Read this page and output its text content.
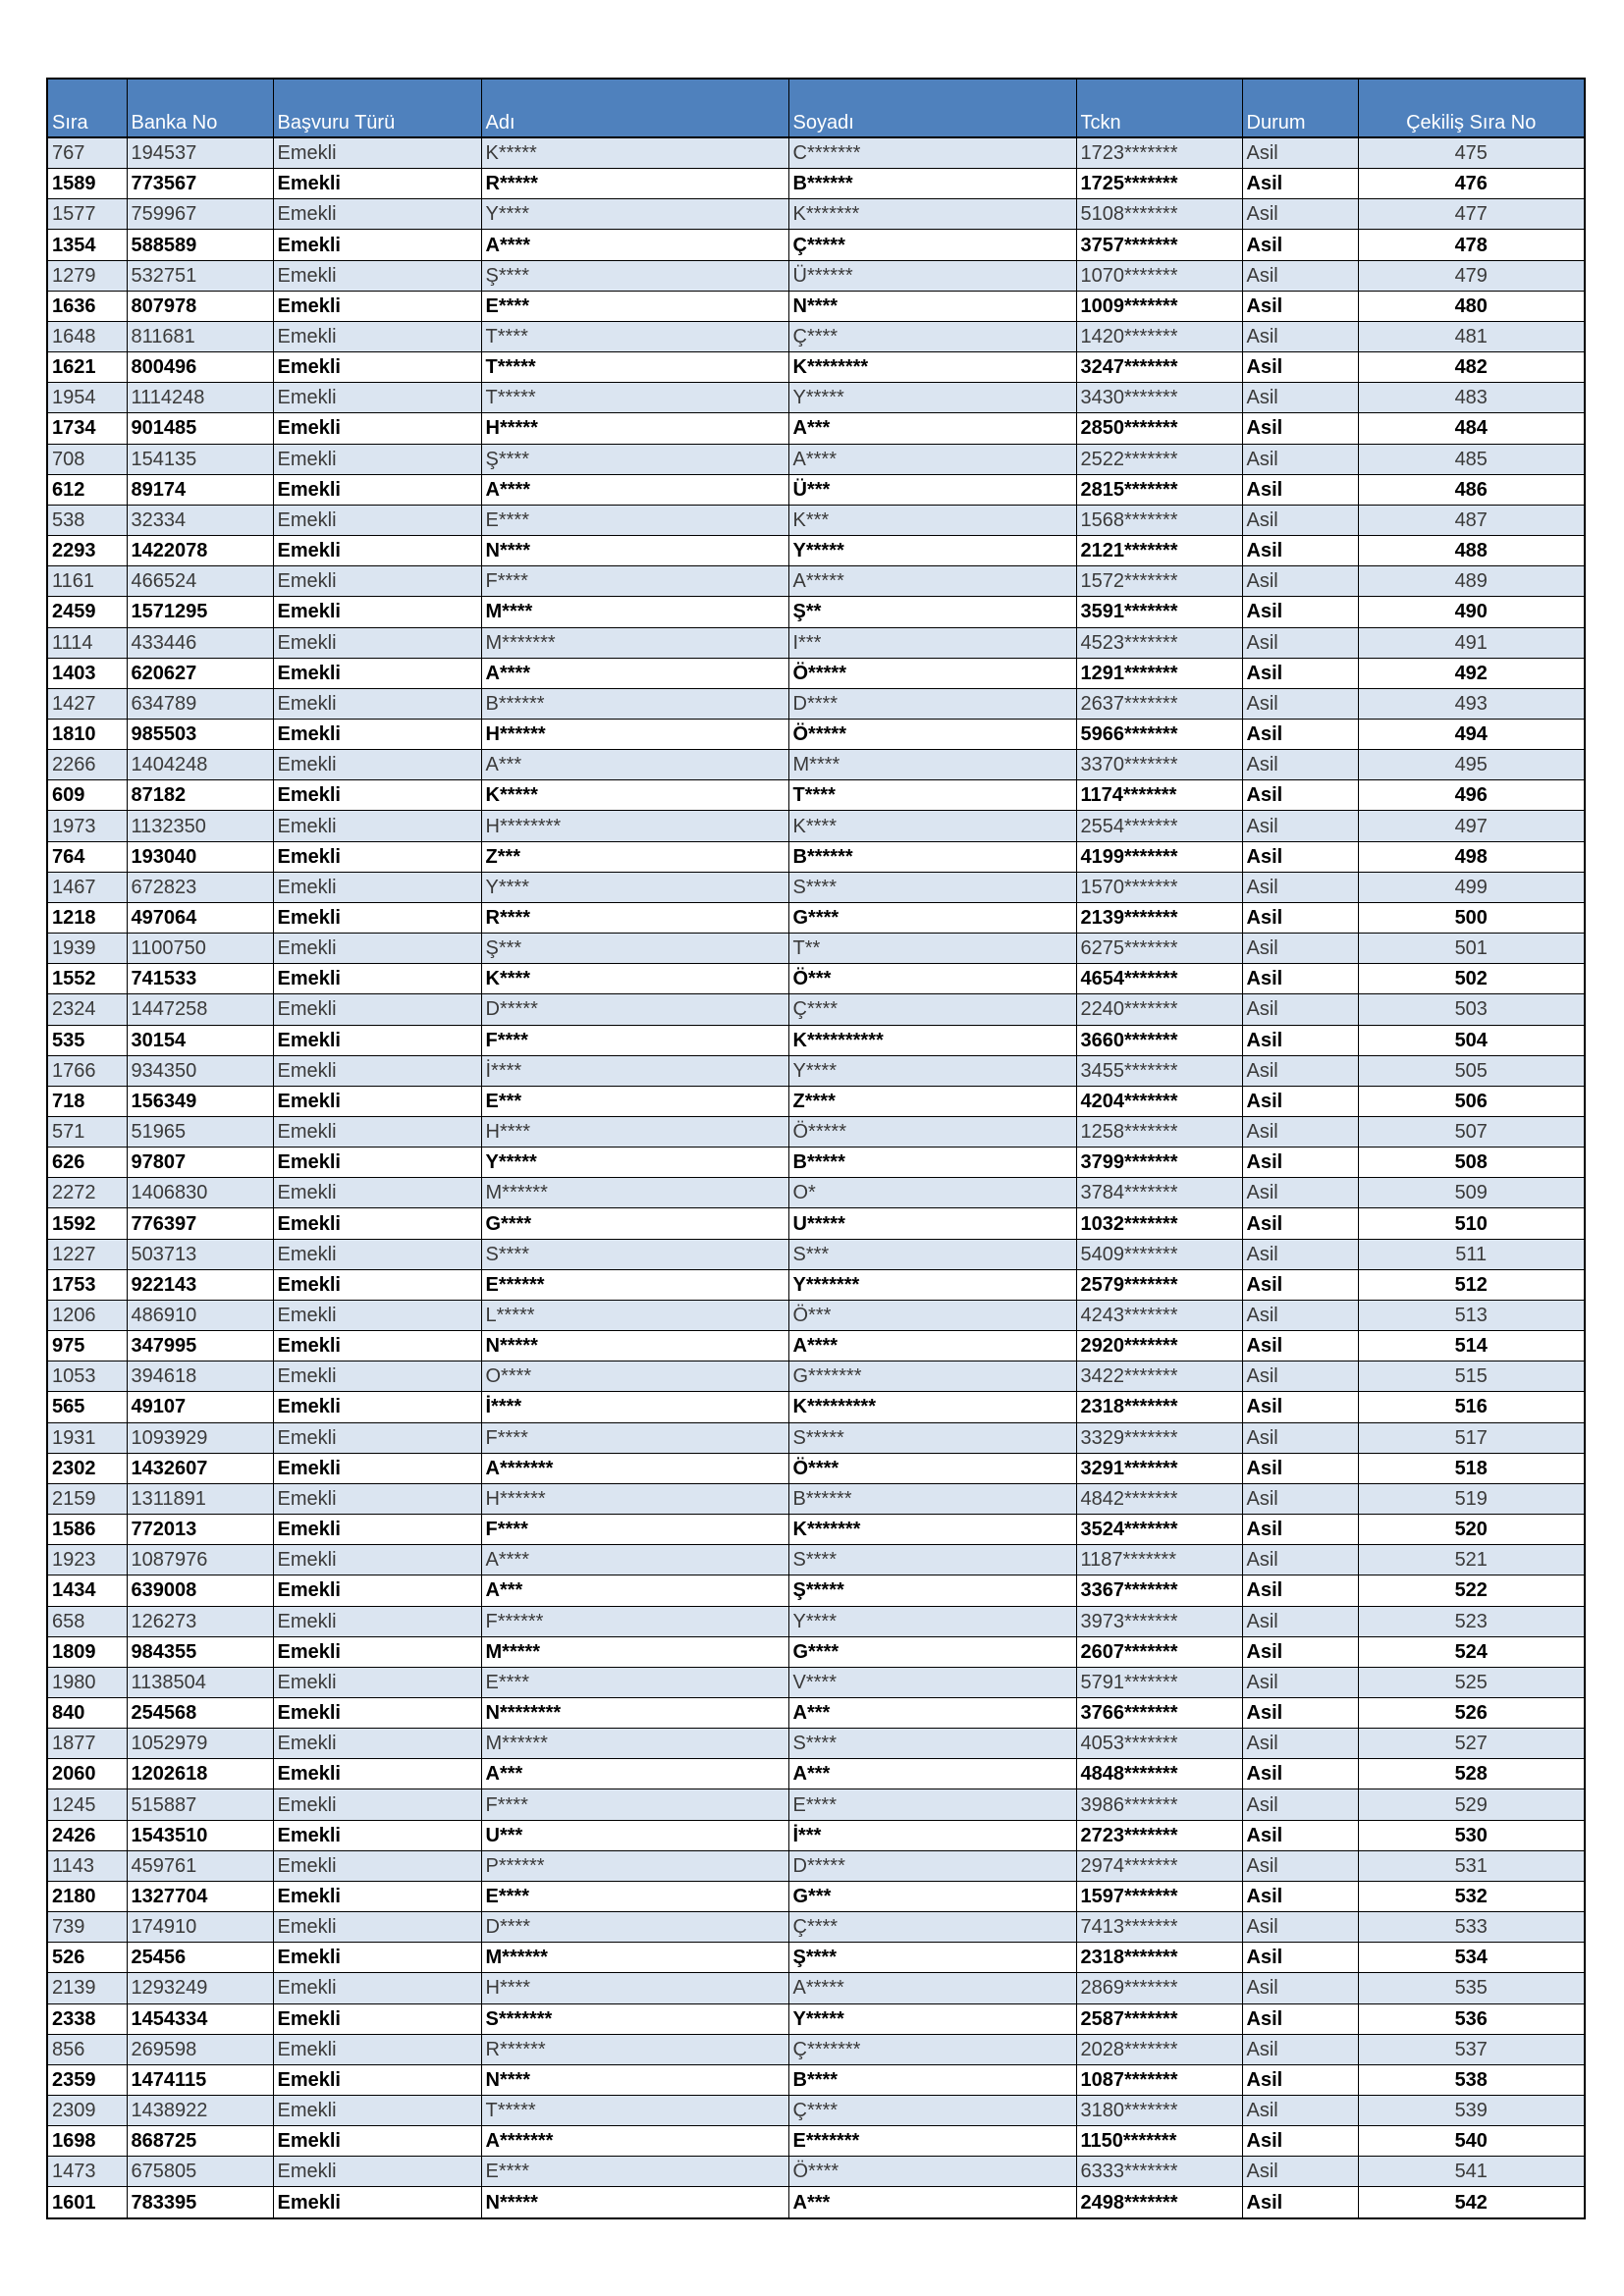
Sıra	Banka No	Başvuru Türü	Adı	Soyadı	Tckn	Durum	Çekiliş Sıra No
767	194537	Emekli	K*****	C*******	1723*******	Asil	475
1589	773567	Emekli	R*****	B******	1725*******	Asil	476
1577	759967	Emekli	Y****	K*******	5108*******	Asil	477
1354	588589	Emekli	A****	Ç*****	3757*******	Asil	478
1279	532751	Emekli	Ş****	Ü******	1070*******	Asil	479
1636	807978	Emekli	E****	N****	1009*******	Asil	480
1648	811681	Emekli	T****	Ç****	1420*******	Asil	481
1621	800496	Emekli	T*****	K********	3247*******	Asil	482
1954	1114248	Emekli	T*****	Y*****	3430*******	Asil	483
1734	901485	Emekli	H*****	A***	2850*******	Asil	484
708	154135	Emekli	Ş****	A****	2522*******	Asil	485
612	89174	Emekli	A****	Ü***	2815*******	Asil	486
538	32334	Emekli	E****	K***	1568*******	Asil	487
2293	1422078	Emekli	N****	Y*****	2121*******	Asil	488
1161	466524	Emekli	F****	A*****	1572*******	Asil	489
2459	1571295	Emekli	M****	Ş**	3591*******	Asil	490
1114	433446	Emekli	M*******	I***	4523*******	Asil	491
1403	620627	Emekli	A****	Ö*****	1291*******	Asil	492
1427	634789	Emekli	B******	D****	2637*******	Asil	493
1810	985503	Emekli	H******	Ö*****	5966*******	Asil	494
2266	1404248	Emekli	A***	M****	3370*******	Asil	495
609	87182	Emekli	K*****	T****	1174*******	Asil	496
1973	1132350	Emekli	H********	K****	2554*******	Asil	497
764	193040	Emekli	Z***	B******	4199*******	Asil	498
1467	672823	Emekli	Y****	S****	1570*******	Asil	499
1218	497064	Emekli	R****	G****	2139*******	Asil	500
1939	1100750	Emekli	Ş***	T**	6275*******	Asil	501
1552	741533	Emekli	K****	Ö***	4654*******	Asil	502
2324	1447258	Emekli	D*****	Ç****	2240*******	Asil	503
535	30154	Emekli	F****	K**********	3660*******	Asil	504
1766	934350	Emekli	İ****	Y****	3455*******	Asil	505
718	156349	Emekli	E***	Z****	4204*******	Asil	506
571	51965	Emekli	H****	Ö*****	1258*******	Asil	507
626	97807	Emekli	Y*****	B*****	3799*******	Asil	508
2272	1406830	Emekli	M******	O*	3784*******	Asil	509
1592	776397	Emekli	G****	U*****	1032*******	Asil	510
1227	503713	Emekli	S****	S***	5409*******	Asil	511
1753	922143	Emekli	E******	Y*******	2579*******	Asil	512
1206	486910	Emekli	L*****	Ö***	4243*******	Asil	513
975	347995	Emekli	N*****	A****	2920*******	Asil	514
1053	394618	Emekli	O****	G*******	3422*******	Asil	515
565	49107	Emekli	İ****	K*********	2318*******	Asil	516
1931	1093929	Emekli	F****	S*****	3329*******	Asil	517
2302	1432607	Emekli	A*******	Ö****	3291*******	Asil	518
2159	1311891	Emekli	H******	B******	4842*******	Asil	519
1586	772013	Emekli	F****	K*******	3524*******	Asil	520
1923	1087976	Emekli	A****	S****	1187*******	Asil	521
1434	639008	Emekli	A***	Ş*****	3367*******	Asil	522
658	126273	Emekli	F******	Y****	3973*******	Asil	523
1809	984355	Emekli	M*****	G****	2607*******	Asil	524
1980	1138504	Emekli	E****	V****	5791*******	Asil	525
840	254568	Emekli	N********	A***	3766*******	Asil	526
1877	1052979	Emekli	M******	S****	4053*******	Asil	527
2060	1202618	Emekli	A***	A***	4848*******	Asil	528
1245	515887	Emekli	F****	E****	3986*******	Asil	529
2426	1543510	Emekli	U***	İ***	2723*******	Asil	530
1143	459761	Emekli	P******	D*****	2974*******	Asil	531
2180	1327704	Emekli	E****	G***	1597*******	Asil	532
739	174910	Emekli	D****	Ç****	7413*******	Asil	533
526	25456	Emekli	M******	Ş****	2318*******	Asil	534
2139	1293249	Emekli	H****	A*****	2869*******	Asil	535
2338	1454334	Emekli	S*******	Y*****	2587*******	Asil	536
856	269598	Emekli	R******	Ç*******	2028*******	Asil	537
2359	1474115	Emekli	N****	B****	1087*******	Asil	538
2309	1438922	Emekli	T*****	Ç****	3180*******	Asil	539
1698	868725	Emekli	A*******	E*******	1150*******	Asil	540
1473	675805	Emekli	E****	Ö****	6333*******	Asil	541
1601	783395	Emekli	N*****	A***	2498*******	Asil	542
